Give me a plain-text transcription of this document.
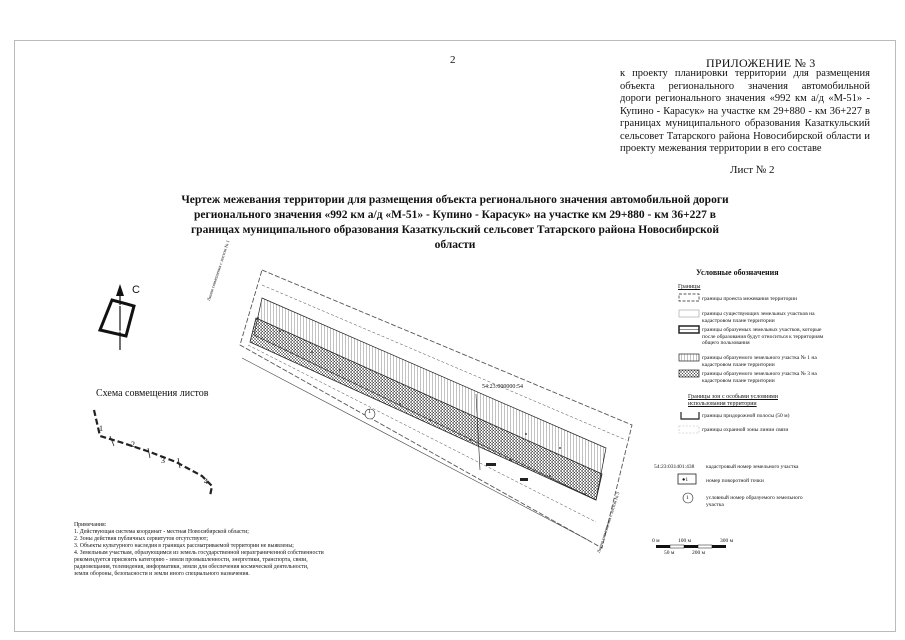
2	ПРИЛОЖЕНИЕ № 3
к проекту планировки территории для размещения объекта регионального значения автомобильной дороги регионального значения «992 км а/д «М-51» - Купино - Карасук» на участке км 29+880 - км 36+227 в границах муниципального образования Казаткульский сельсовет Татарского района Новосибирской области и проекту межевания территории в его составе
Лист № 2
Чертеж межевания территории для размещения объекта регионального значения автомобильной дороги регионального значения «992 км а/д «М-51» - Купино - Карасук» на участке км 29+880 - км 36+227 в границах муниципального образования Казаткульский сельсовет Татарского района Новосибирской области
С
54:23:000000:54
1
Линия совмещения с листом № 1
Линия совмещения с листом № 3
Схема совмещения листов
1
2
3
4
Условные обозначения
Границы
границы проекта межевания территории
границы существующих земельных участков на кадастровом плане территории
границы образуемых земельных участков, которые после образования будут относиться к территориям общего пользования
границы образуемого земельного участка № 1 на кадастровом плане территории
границы образуемого земельного участка № 3 на кадастровом плане территории
Границы зон с особыми условиями использования территории
границы придорожной полосы (50 м)
границы охранной зоны линии связи
54:23:031401:438	кадастровый номер земельного участка
●1	номер поворотной точки
1	условный номер образуемого земельного участка
0 м	100 м	300 м
50 м	200 м
Примечания:
1. Действующая система координат - местная Новосибирской области;
2. Зоны действия публичных сервитутов отсутствуют;
3. Объекты культурного наследия в границах рассматриваемой территории не выявлены;
4. Земельным участкам, образующимся из земель государственной неразграниченной собственности
рекомендуется присвоить категорию - земли промышленности, энергетики, транспорта, связи,
радиовещания, телевидения, информатики, земли для обеспечения космической деятельности,
земли обороны, безопасности и земли иного специального назначения.
